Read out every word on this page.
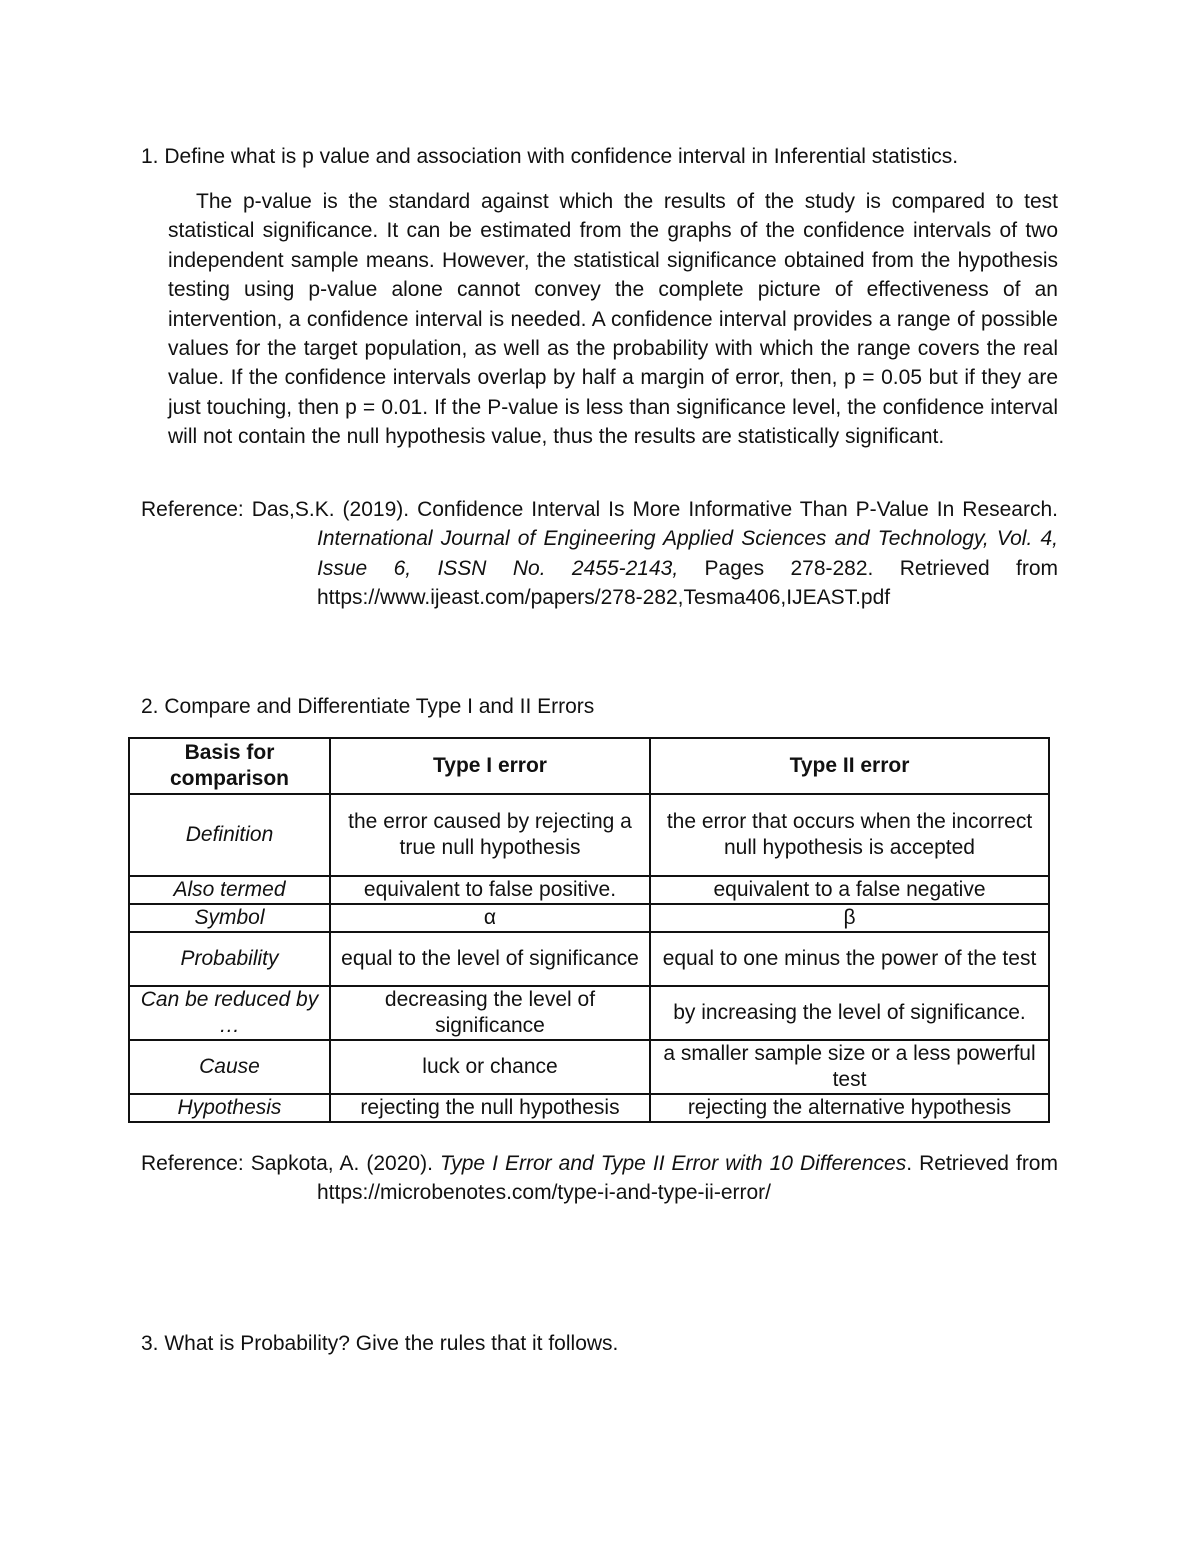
1. Define what is p value and association with confidence interval in Inferential statistics.
The p-value is the standard against which the results of the study is compared to test statistical significance. It can be estimated from the graphs of the confidence intervals of two independent sample means. However, the statistical significance obtained from the hypothesis testing using p-value alone cannot convey the complete picture of effectiveness of an intervention, a confidence interval is needed. A confidence interval provides a range of possible values for the target population, as well as the probability with which the range covers the real value. If the confidence intervals overlap by half a margin of error, then, p = 0.05 but if they are just touching, then p = 0.01. If the P-value is less than significance level, the confidence interval will not contain the null hypothesis value, thus the results are statistically significant.
Reference: Das,S.K. (2019). Confidence Interval Is More Informative Than P-Value In Research. International Journal of Engineering Applied Sciences and Technology, Vol. 4, Issue 6, ISSN No. 2455-2143, Pages 278-282. Retrieved from https://www.ijeast.com/papers/278-282,Tesma406,IJEAST.pdf
2. Compare and Differentiate Type I and II Errors
Basis for comparison	Type I error	Type II error
Definition	the error caused by rejecting a true null hypothesis	the error that occurs when the incorrect null hypothesis is accepted
Also termed	equivalent to false positive.	equivalent to a false negative
Symbol	α	β
Probability	equal to the level of significance	equal to one minus the power of the test
Can be reduced by …	decreasing the level of significance	by increasing the level of significance.
Cause	luck or chance	a smaller sample size or a less powerful test
Hypothesis	rejecting the null hypothesis	rejecting the alternative hypothesis
Reference: Sapkota, A. (2020). Type I Error and Type II Error with 10 Differences. Retrieved from https://microbenotes.com/type-i-and-type-ii-error/
3. What is Probability? Give the rules that it follows.
